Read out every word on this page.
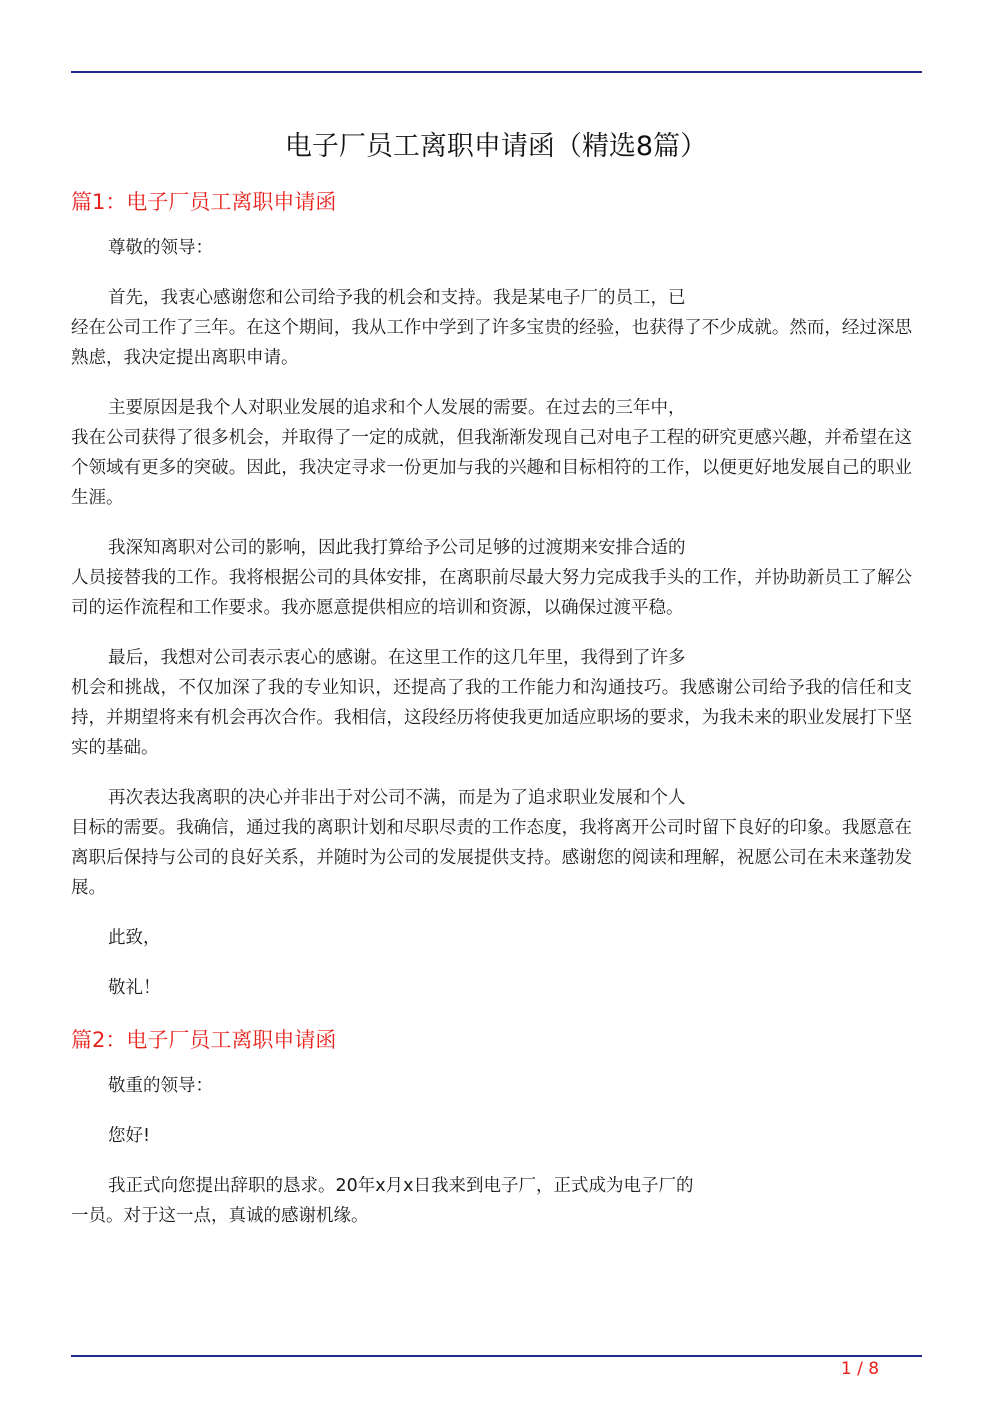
电子厂员工离职申请函（精选8篇）
篇1：电子厂员工离职申请函
尊敬的领导：
首先，我衷心感谢您和公司给予我的机会和支持。我是某电子厂的员工，已
经在公司工作了三年。在这个期间，我从工作中学到了许多宝贵的经验，也获得了不少成就。然而，经过深思熟虑，我决定提出离职申请。
主要原因是我个人对职业发展的追求和个人发展的需要。在过去的三年中，
我在公司获得了很多机会，并取得了一定的成就，但我渐渐发现自己对电子工程的研究更感兴趣，并希望在这个领域有更多的突破。因此，我决定寻求一份更加与我的兴趣和目标相符的工作，以便更好地发展自己的职业生涯。
我深知离职对公司的影响，因此我打算给予公司足够的过渡期来安排合适的
人员接替我的工作。我将根据公司的具体安排，在离职前尽最大努力完成我手头的工作，并协助新员工了解公司的运作流程和工作要求。我亦愿意提供相应的培训和资源，以确保过渡平稳。
最后，我想对公司表示衷心的感谢。在这里工作的这几年里，我得到了许多
机会和挑战，不仅加深了我的专业知识，还提高了我的工作能力和沟通技巧。我感谢公司给予我的信任和支持，并期望将来有机会再次合作。我相信，这段经历将使我更加适应职场的要求，为我未来的职业发展打下坚实的基础。
再次表达我离职的决心并非出于对公司不满，而是为了追求职业发展和个人
目标的需要。我确信，通过我的离职计划和尽职尽责的工作态度，我将离开公司时留下良好的印象。我愿意在离职后保持与公司的良好关系，并随时为公司的发展提供支持。感谢您的阅读和理解，祝愿公司在未来蓬勃发展。
此致，
敬礼！
篇2：电子厂员工离职申请函
敬重的领导：
您好!
我正式向您提出辞职的恳求。20年x月x日我来到电子厂，正式成为电子厂的
一员。对于这一点，真诚的感谢机缘。
1 / 8
